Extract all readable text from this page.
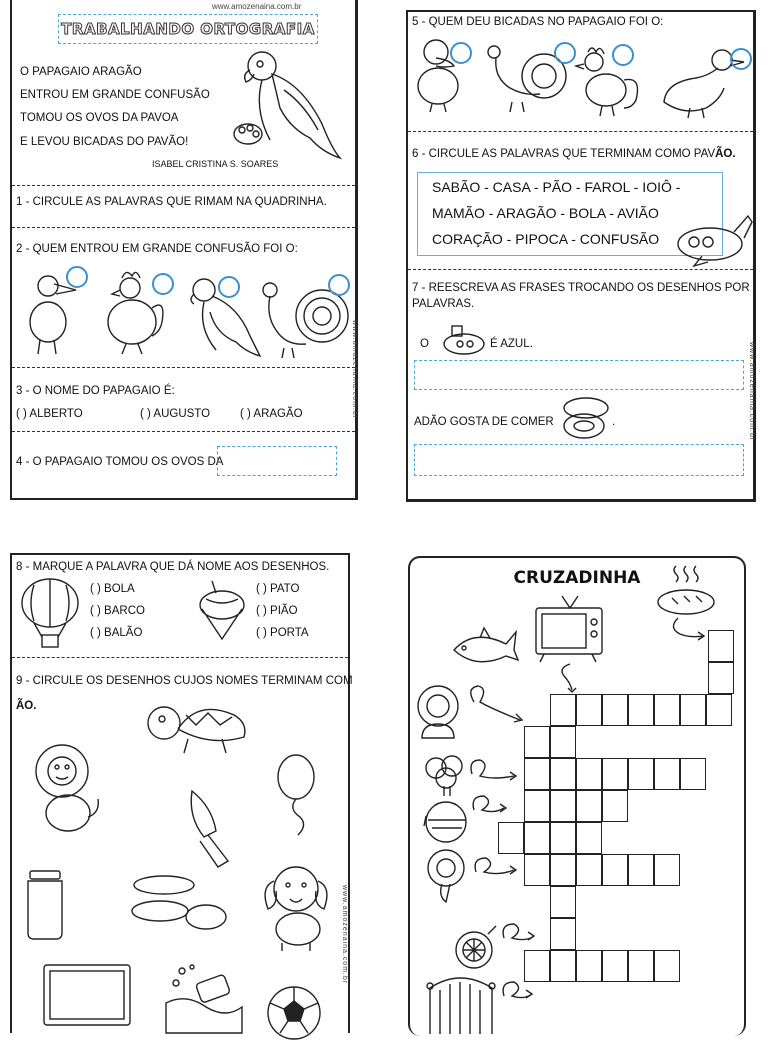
www.amozenaina.com.br
TRABALHANDO ORTOGRAFIA
O PAPAGAIO ARAGÃO
ENTROU EM GRANDE CONFUSÃO
TOMOU OS OVOS DA PAVOA
E LEVOU BICADAS DO PAVÃO!
ISABEL CRISTINA S. SOARES
1 - CIRCULE AS PALAVRAS QUE RIMAM NA QUADRINHA.
2 - QUEM ENTROU EM GRANDE CONFUSÃO FOI O:
3 - O NOME DO PAPAGAIO É:
( ) ALBERTO	( ) AUGUSTO	( ) ARAGÃO
4 - O PAPAGAIO TOMOU OS OVOS DA
www.amozenaina.com.br
5 - QUEM DEU BICADAS NO PAPAGAIO FOI O:
6 - CIRCULE AS PALAVRAS QUE TERMINAM COMO PAVÃO.
SABÃO - CASA - PÃO - FAROL - IOIÔ -
MAMÃO - ARAGÃO - BOLA - AVIÃO
CORAÇÃO - PIPOCA - CONFUSÃO
7 - REESCREVA AS FRASES TROCANDO OS DESENHOS POR
PALAVRAS.
O	É AZUL.
ADÃO GOSTA DE COMER	.	www.amozenaina.com.br
8 - MARQUE A PALAVRA QUE DÁ NOME AOS DESENHOS.
( ) BOLA
( ) BARCO
( ) BALÃO
( ) PATO
( ) PIÃO
( ) PORTA
9 - CIRCULE OS DESENHOS CUJOS NOMES TERMINAM COM
ÃO.
www.amozenaina.com.br
CRUZADINHA
